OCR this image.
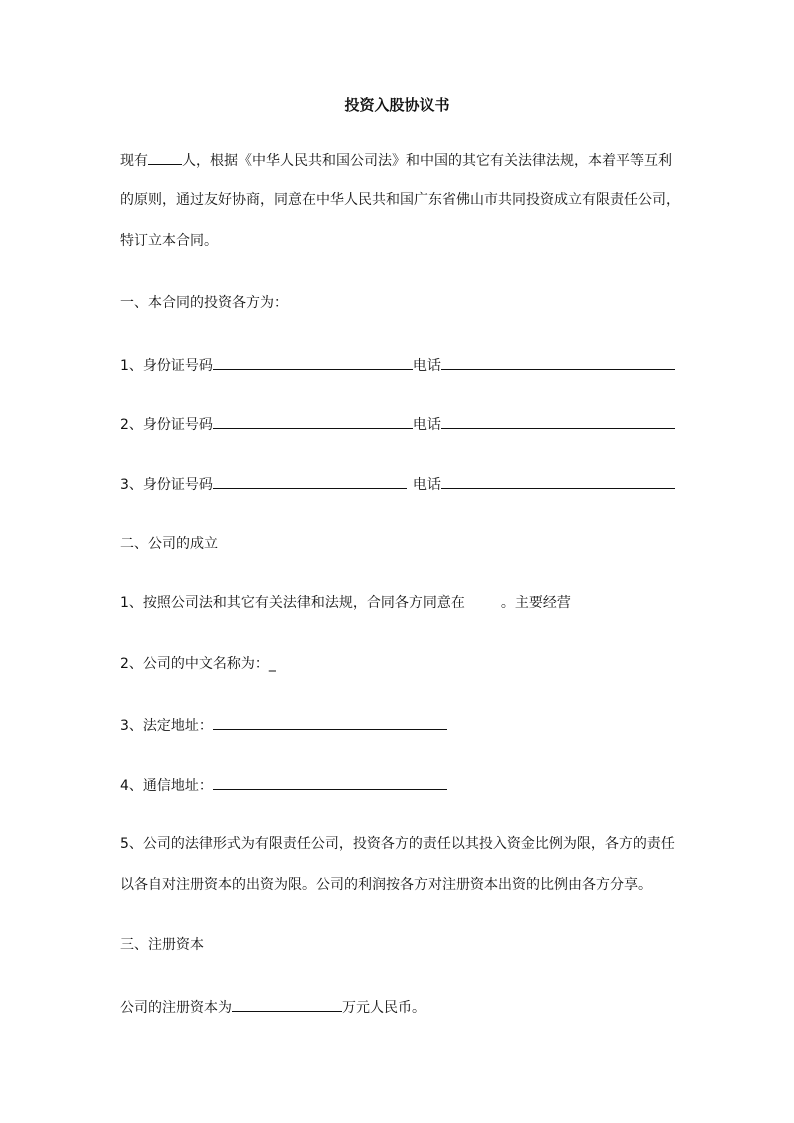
投资入股协议书
现有 人，根据《中华人民共和国公司法》和中国的其它有关法律法规，本着平等互利
的原则，通过友好协商，同意在中华人民共和国广东省佛山市共同投资成立有限责任公司，
特订立本合同。
一、本合同的投资各方为：
1、身份证号码	电话
2、身份证号码	电话
3、身份证号码	电话
二、公司的成立
1、按照公司法和其它有关法律和法规，合同各方同意在	。主要经营
2、公司的中文名称为：_
3、法定地址：
4、通信地址：
5、公司的法律形式为有限责任公司，投资各方的责任以其投入资金比例为限，各方的责任
以各自对注册资本的出资为限。公司的利润按各方对注册资本出资的比例由各方分享。
三、注册资本
公司的注册资本为	万元人民币。
